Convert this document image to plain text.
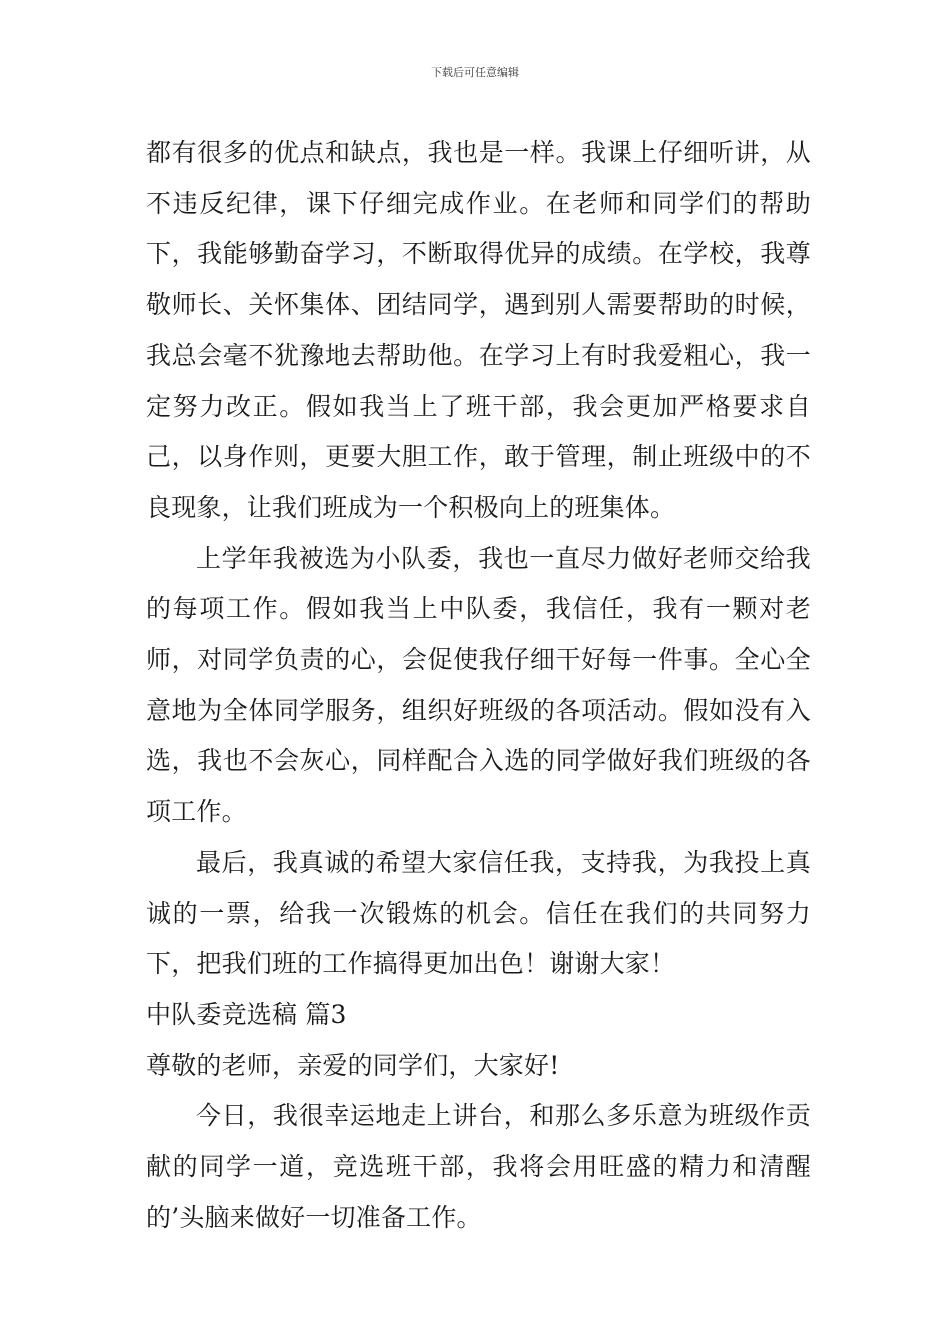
下载后可任意编辑

都有很多的优点和缺点，我也是一样。我课上仔细听讲，从不违反纪律，课下仔细完成作业。在老师和同学们的帮助下，我能够勤奋学习，不断取得优异的成绩。在学校，我尊敬师长、关怀集体、团结同学，遇到别人需要帮助的时候，我总会毫不犹豫地去帮助他。在学习上有时我爱粗心，我一定努力改正。假如我当上了班干部，我会更加严格要求自己，以身作则，更要大胆工作，敢于管理，制止班级中的不良现象，让我们班成为一个积极向上的班集体。

上学年我被选为小队委，我也一直尽力做好老师交给我的每项工作。假如我当上中队委，我信任，我有一颗对老师，对同学负责的心，会促使我仔细干好每一件事。全心全意地为全体同学服务，组织好班级的各项活动。假如没有入选，我也不会灰心，同样配合入选的同学做好我们班级的各项工作。

最后，我真诚的希望大家信任我，支持我，为我投上真诚的一票，给我一次锻炼的机会。信任在我们的共同努力下，把我们班的工作搞得更加出色！谢谢大家！

中队委竞选稿 篇3

尊敬的老师，亲爱的同学们，大家好!

今日，我很幸运地走上讲台，和那么多乐意为班级作贡献的同学一道，竞选班干部，我将会用旺盛的精力和清醒的’头脑来做好一切准备工作。
